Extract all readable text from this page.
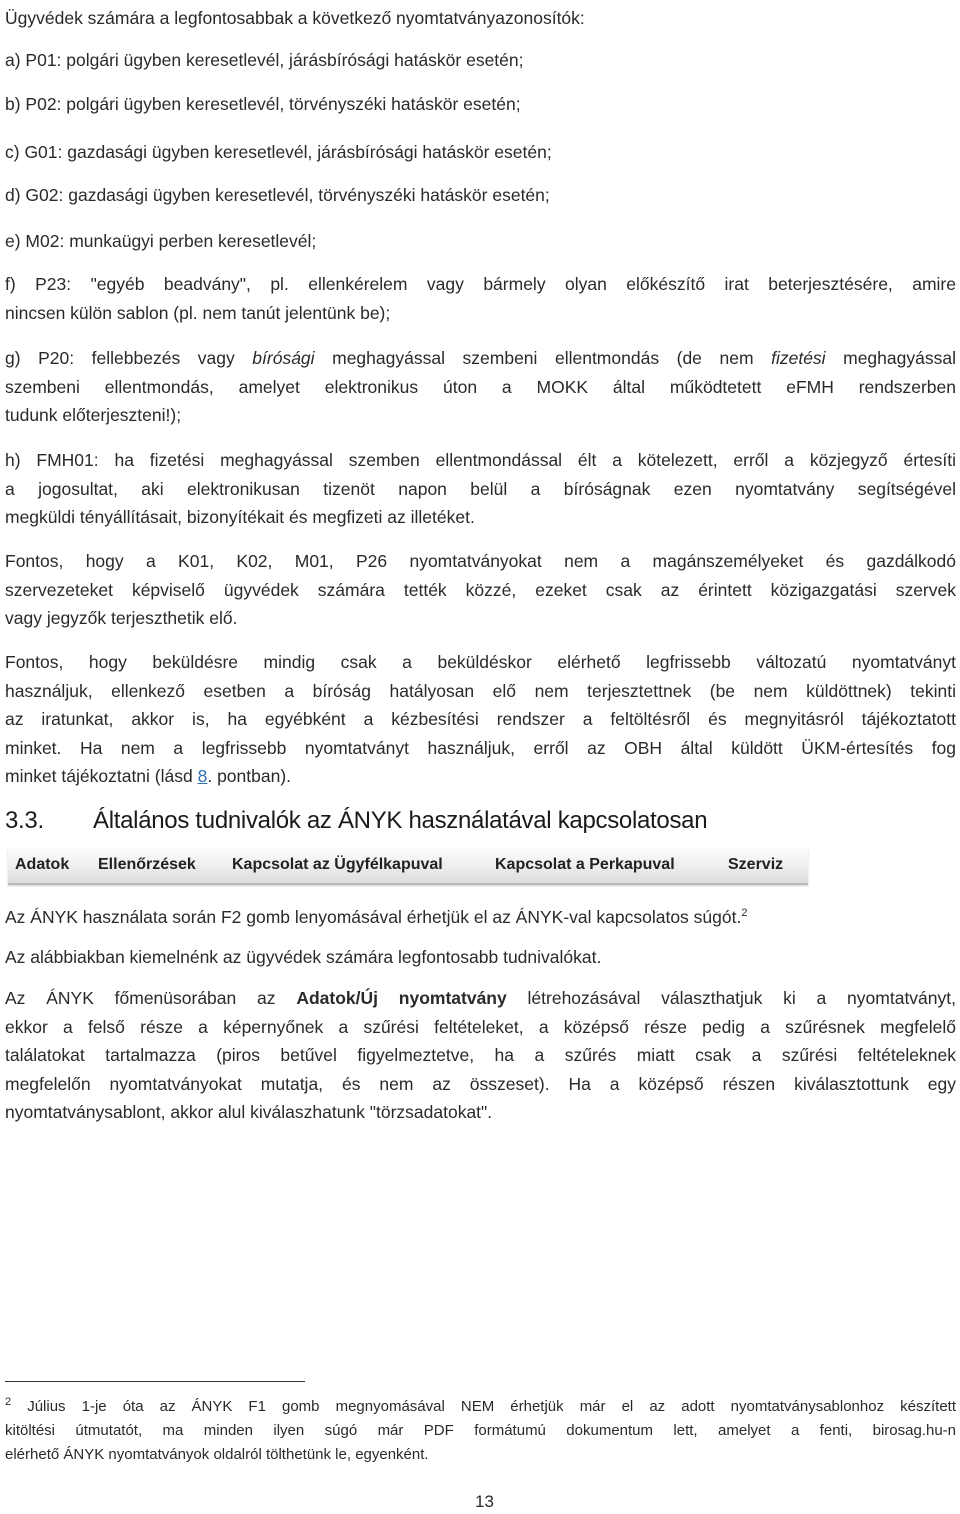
Ügyvédek számára a legfontosabbak a következő nyomtatványazonosítók:
a) P01: polgári ügyben keresetlevél, járásbírósági hatáskör esetén;
b) P02: polgári ügyben keresetlevél, törvényszéki hatáskör esetén;
c) G01: gazdasági ügyben keresetlevél, járásbírósági hatáskör esetén;
d) G02: gazdasági ügyben keresetlevél, törvényszéki hatáskör esetén;
e) M02: munkaügyi perben keresetlevél;
f) P23: "egyéb beadvány", pl. ellenkérelem vagy bármely olyan előkészítő irat beterjesztésére, amire
nincsen külön sablon (pl. nem tanút jelentünk be);
g) P20: fellebbezés vagy bírósági meghagyással szembeni ellentmondás (de nem fizetési meghagyással
szembeni ellentmondás, amelyet elektronikus úton a MOKK által működtetett eFMH rendszerben
tudunk előterjeszteni!);
h) FMH01: ha fizetési meghagyással szemben ellentmondással élt a kötelezett, erről a közjegyző értesíti
a jogosultat, aki elektronikusan tizenöt napon belül a bíróságnak ezen nyomtatvány segítségével
megküldi tényállításait, bizonyítékait és megfizeti az illetéket.
Fontos, hogy a K01, K02, M01, P26 nyomtatványokat nem a magánszemélyeket és gazdálkodó
szervezeteket képviselő ügyvédek számára tették közzé, ezeket csak az érintett közigazgatási szervek
vagy jegyzők terjeszthetik elő.
Fontos, hogy beküldésre mindig csak a beküldéskor elérhető legfrissebb változatú nyomtatványt
használjuk, ellenkező esetben a bíróság hatályosan elő nem terjesztettnek (be nem küldöttnek) tekinti
az iratunkat, akkor is, ha egyébként a kézbesítési rendszer a feltöltésről és megnyitásról tájékoztatott
minket. Ha nem a legfrissebb nyomtatványt használjuk, erről az OBH által küldött ÜKM-értesítés fog
minket tájékoztatni (lásd 8. pontban).
3.3. Általános tudnivalók az ÁNYK használatával kapcsolatosan
Adatok Ellenőrzések Kapcsolat az Ügyfélkapuval	Kapcsolat a Perkapuval	Szerviz
Az ÁNYK használata során F2 gomb lenyomásával érhetjük el az ÁNYK-val kapcsolatos súgót.$^2$
Az alábbiakban kiemelnénk az ügyvédek számára legfontosabb tudnivalókat.
Az ÁNYK főmenüsorában az Adatok/Új nyomtatvány létrehozásával választhatjuk ki a nyomtatványt,
ekkor a felső része a képernyőnek a szűrési feltételeket, a középső része pedig a szűrésnek megfelelő
találatokat tartalmazza (piros betűvel figyelmeztetve, ha a szűrés miatt csak a szűrési feltételeknek
megfelelőn nyomtatványokat mutatja, és nem az összeset). Ha a középső részen kiválasztottunk egy
nyomtatványsablont, akkor alul kiválaszhatunk "törzsadatokat".
$^2$ Július 1-je óta az ÁNYK F1 gomb megnyomásával NEM érhetjük már el az adott nyomtatványsablonhoz készített
kitöltési útmutatót, ma minden ilyen súgó már PDF formátumú dokumentum lett, amelyet a fenti, birosag.hu-n
elérhető ÁNYK nyomtatványok oldalról tölthetünk le, egyenként.
13
